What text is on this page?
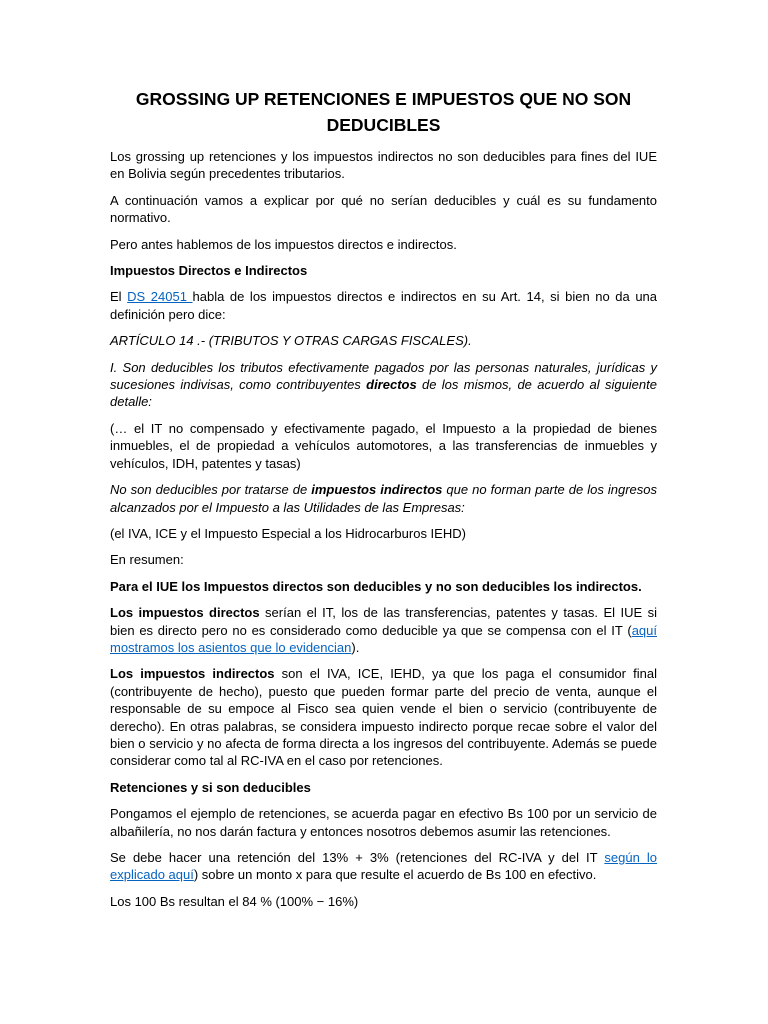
GROSSING UP RETENCIONES E IMPUESTOS QUE NO SON DEDUCIBLES

Los grossing up retenciones y los impuestos indirectos no son deducibles para fines del IUE en Bolivia según precedentes tributarios.

A continuación vamos a explicar por qué no serían deducibles y cuál es su fundamento normativo.

Pero antes hablemos de los impuestos directos e indirectos.

Impuestos Directos e Indirectos

El DS 24051 habla de los impuestos directos e indirectos en su Art. 14, si bien no da una definición pero dice:

ARTÍCULO 14 .- (TRIBUTOS Y OTRAS CARGAS FISCALES).

I. Son deducibles los tributos efectivamente pagados por las personas naturales, jurídicas y sucesiones indivisas, como contribuyentes directos de los mismos, de acuerdo al siguiente detalle:

(… el IT no compensado y efectivamente pagado, el Impuesto a la propiedad de bienes inmuebles, el de propiedad a vehículos automotores, a las transferencias de inmuebles y vehículos, IDH, patentes y tasas)

No son deducibles por tratarse de impuestos indirectos que no forman parte de los ingresos alcanzados por el Impuesto a las Utilidades de las Empresas:

(el IVA, ICE y el Impuesto Especial a los Hidrocarburos IEHD)

En resumen:

Para el IUE los Impuestos directos son deducibles y no son deducibles los indirectos.

Los impuestos directos serían el IT, los de las transferencias, patentes y tasas. El IUE si bien es directo pero no es considerado como deducible ya que se compensa con el IT (aquí mostramos los asientos que lo evidencian).

Los impuestos indirectos son el IVA, ICE, IEHD, ya que los paga el consumidor final (contribuyente de hecho), puesto que pueden formar parte del precio de venta, aunque el responsable de su empoce al Fisco sea quien vende el bien o servicio (contribuyente de derecho). En otras palabras, se considera impuesto indirecto porque recae sobre el valor del bien o servicio y no afecta de forma directa a los ingresos del contribuyente. Además se puede considerar como tal al RC-IVA en el caso por retenciones.

Retenciones y si son deducibles

Pongamos el ejemplo de retenciones, se acuerda pagar en efectivo Bs 100 por un servicio de albañilería, no nos darán factura y entonces nosotros debemos asumir las retenciones.

Se debe hacer una retención del 13% + 3% (retenciones del RC-IVA y del IT según lo explicado aquí) sobre un monto x para que resulte el acuerdo de Bs 100 en efectivo.

Los 100 Bs resultan el 84 % (100% − 16%)
